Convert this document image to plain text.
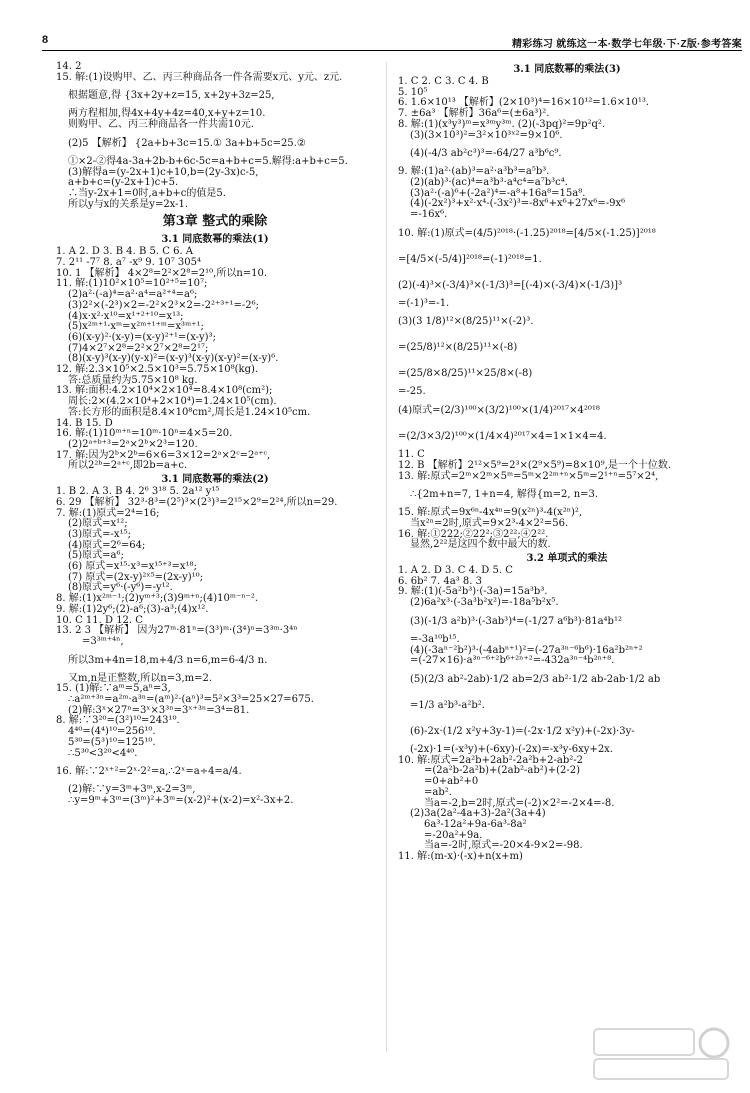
8	精彩练习 就练这一本·数学七年级·下·Z版·参考答案

14. 2

15. 解:(1)设购甲、乙、丙三种商品各一件各需要x元、y元、z元.

根据题意,得 {3x+2y+z=15, x+2y+3z=25,

两方程相加,得4x+4y+4z=40,x+y+z=10.

则购甲、乙、丙三种商品各一件共需10元.

(2)5 【解析】 {2a+b+3c=15.① 3a+b+5c=25.②

①×2-②得4a-3a+2b-b+6c-5c=a+b+c=5.解得:a+b+c=5.

(3)解得a=(y-2x+1)c+10,b=(2y-3x)c-5,

a+b+c=(y-2x+1)c+5.

∴当y-2x+1=0时,a+b+c的值是5.

所以y与x的关系是y=2x-1.

第3章 整式的乘除

3.1 同底数幂的乘法(1)

1. A 2. D 3. B 4. B 5. C 6. A

7. 2¹¹ -7⁷ 8. a⁷ -x⁹ 9. 10⁷ 305⁴

10. 1 【解析】 4×2⁸=2²×2⁸=2¹⁰,所以n=10.

11. 解:(1)10²×10⁵=10²⁺⁵=10⁷;

(2)a²·(-a)⁴=a²·a⁴=a²⁺⁴=a⁶;

(3)2²×(-2³)×2=-2²×2³×2=-2²⁺³⁺¹=-2⁶;

(4)x·x²·x¹⁰=x¹⁺²⁺¹⁰=x¹³;

(5)x²ᵐ⁺¹·xᵐ=x²ᵐ⁺¹⁺ᵐ=x³ᵐ⁺¹;

(6)(x-y)²·(x-y)=(x-y)²⁺¹=(x-y)³;

(7)4×2⁷×2⁸=2²×2⁷×2⁸=2¹⁷;

(8)(x-y)³(x-y)(y-x)²=(x-y)³(x-y)(x-y)²=(x-y)⁶.

12. 解:2.3×10⁵×2.5×10³=5.75×10⁸(kg).

答:总质量约为5.75×10⁸ kg.

13. 解:面积:4.2×10⁴×2×10⁴=8.4×10⁸(cm²);

周长:2×(4.2×10⁴+2×10⁴)=1.24×10⁵(cm).

答:长方形的面积是8.4×10⁸cm²,周长是1.24×10⁵cm.

14. B 15. D

16. 解:(1)10ᵐ⁺ⁿ=10ᵐ·10ⁿ=4×5=20.

(2)2ᵃ⁺ᵇ⁺³=2ᵃ×2ᵇ×2³=120.

17. 解:因为2ᵇ×2ᵇ=6×6=3×12=2ᵃ×2ᶜ=2ᵃ⁺ᶜ,

所以2²ᵇ=2ᵃ⁺ᶜ,即2b=a+c.

3.1 同底数幂的乘法(2)

1. B 2. A 3. B 4. 2⁶ 3¹⁸ 5. 2a¹² y¹⁵

6. 29 【解析】 32³·8³=(2⁵)³×(2³)³=2¹⁵×2⁹=2²⁴,所以n=29.

7. 解:(1)原式=2⁴=16;

(2)原式=x¹²;

(3)原式=-x¹⁵;

(4)原式=2⁶=64;

(5)原式=a⁶;

(6) 原式=x¹⁵·x³=x¹⁵⁺³=x¹⁸;

(7) 原式=(2x-y)²ˣ⁵=(2x-y)¹⁰;

(8)原式=y⁶·(-y⁶)=-y¹².

8. 解:(1)x²ᵐ⁻¹;(2)yᵐ⁺³;(3)9ᵐ⁺ⁿ;(4)10ᵐ⁻ⁿ⁻².

9. 解:(1)2y⁶;(2)-a⁶;(3)-a³;(4)x¹².

10. C 11. D 12. C

13. 2 3 【解析】 因为27ᵐ·81ⁿ=(3³)ᵐ·(3⁴)ⁿ=3³ᵐ·3⁴ⁿ

=3³ᵐ⁺⁴ⁿ,

所以3m+4n=18,m+4/3 n=6,m=6-4/3 n.

又m,n是正整数,所以n=3,m=2.

15. (1)解:∵aᵐ=5,aⁿ=3,

∴a²ᵐ⁺³ⁿ=a²ᵐ·a³ⁿ=(aᵐ)²·(aⁿ)³=5²×3³=25×27=675.

(2)解:3ˣ×27ⁿ=3ˣ×3³ⁿ=3ˣ⁺³ⁿ=3⁴=81.

8. 解:∵3²⁰=(3²)¹⁰=243¹⁰.

4⁴⁰=(4⁴)¹⁰=256¹⁰.

5³⁰=(5³)¹⁰=125¹⁰.

∴5³⁰<3²⁰<4⁴⁰.

16. 解:∵2ˣ⁺²=2ˣ·2²=a,∴2ˣ=a÷4=a/4.

(2)解:∵y=3ᵐ+3ᵐ,x-2=3ᵐ,

∴y=9ᵐ+3ᵐ=(3ᵐ)²+3ᵐ=(x-2)²+(x-2)=x²-3x+2.

3.1 同底数幂的乘法(3)

1. C 2. C 3. C 4. B

5. 10⁵

6. 1.6×10¹³ 【解析】(2×10³)⁴=16×10¹²=1.6×10¹³.

7. ±6a³ 【解析】36a⁶=(±6a³)².

8. 解:(1)(x³y³)ᵐ=x³ᵐy³ᵐ. (2)(-3pq)²=9p²q².

(3)(3×10³)²=3²×10³ˣ²=9×10⁶.

(4)(-4/3 ab²c³)³=-64/27 a³b⁶c⁹.

9. 解:(1)a²·(ab)³=a²·a³b³=a⁵b³.

(2)(ab)³·(ac)⁴=a³b³·a⁴c⁴=a⁷b³c⁴.

(3)a²·(-a)⁶+(-2a²)⁴=-a⁸+16a⁸=15a⁸.

(4)(-2x²)³+x²·x⁴-(-3x²)³=-8x⁶+x⁶+27x⁶=-9x⁶

=-16x⁶.

10. 解:(1)原式=(4/5)²⁰¹⁸·(-1.25)²⁰¹⁸=[4/5×(-1.25)]²⁰¹⁸

=[4/5×(-5/4)]²⁰¹⁸=(-1)²⁰¹⁸=1.

(2)(-4)³×(-3/4)³×(-1/3)³=[(-4)×(-3/4)×(-1/3)]³

=(-1)³=-1.

(3)(3 1/8)¹²×(8/25)¹¹×(-2)³.

=(25/8)¹²×(8/25)¹¹×(-8)

=(25/8×8/25)¹¹×25/8×(-8)

=-25.

(4)原式=(2/3)¹⁰⁰×(3/2)¹⁰⁰×(1/4)²⁰¹⁷×4²⁰¹⁸

=(2/3×3/2)¹⁰⁰×(1/4×4)²⁰¹⁷×4=1×1×4=4.

11. C

12. B 【解析】2¹²×5⁹=2³×(2⁹×5⁹)=8×10⁹,是一个十位数.

13. 解:原式=2ᵐ×2ᵐ×5ᵐ=5ᵐ×2²ᵐ⁺ⁿ×5ᵐ=2¹⁺ⁿ=5⁷×2⁴,

∴{2m+n=7, 1+n=4, 解得{m=2, n=3.

15. 解:原式=9x⁶ⁿ-4x⁴ⁿ=9(x²ⁿ)³-4(x²ⁿ)²,

当x²ⁿ=2时,原式=9×2³-4×2²=56.

16. 解:①222;②22²;③2²²;④2²².

显然,2²²是这四个数中最大的数.

3.2 单项式的乘法

1. A 2. D 3. C 4. D 5. C

6. 6b² 7. 4a³ 8. 3

9. 解:(1)(-5a²b³)·(-3a)=15a³b³.

(2)6a²x³·(-3a³b²x²)=-18a⁵b²x⁵.

(3)(-1/3 a²b)³·(-3ab³)⁴=(-1/27 a⁶b³)·81a⁴b¹²

=-3a¹⁰b¹⁵.

(4)(-3aⁿ⁻²b²)³·(-4abⁿ⁺¹)²=(-27a³ⁿ⁻⁶b⁶)·16a²b²ⁿ⁺²

=(-27×16)·a³ⁿ⁻⁶⁺²b⁶⁺²ⁿ⁺²=-432a³ⁿ⁻⁴b²ⁿ⁺⁸.

(5)(2/3 ab²-2ab)·1/2 ab=2/3 ab²·1/2 ab-2ab·1/2 ab

=1/3 a²b³-a²b².

(6)-2x·(1/2 x²y+3y-1)=(-2x·1/2 x²y)+(-2x)·3y-

(-2x)·1=(-x³y)+(-6xy)-(-2x)=-x³y-6xy+2x.

10. 解:原式=2a²b+2ab²-2a²b+2-ab²-2

=(2a²b-2a²b)+(2ab²-ab²)+(2-2)

=0+ab²+0

=ab².

当a=-2,b=2时,原式=(-2)×2²=-2×4=-8.

(2)3a(2a²-4a+3)-2a²(3a+4)

6a³-12a²+9a-6a³-8a²

=-20a²+9a.

当a=-2时,原式=-20×4-9×2=-98.

11. 解:(m-x)·(-x)+n(x+m)
